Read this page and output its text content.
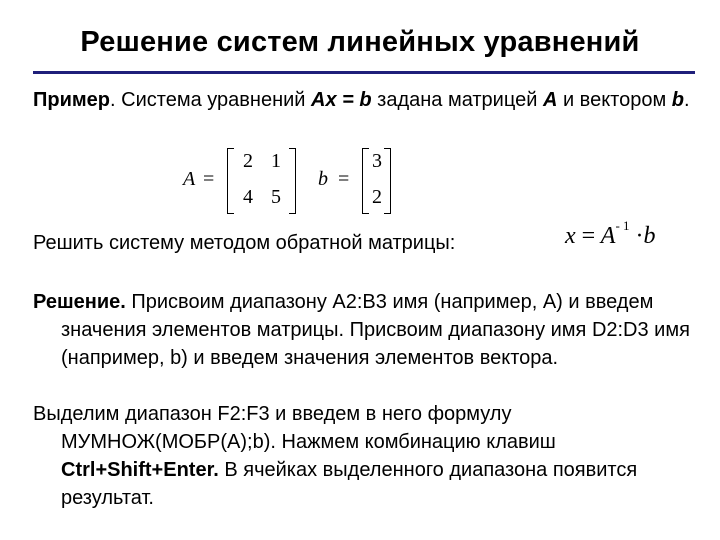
Решение систем линейных уравнений
Пример. Система уравнений Ax = b задана матрицей A и вектором b.
A =
2 1
4 5
b =
3
2
Решить систему методом обратной матрицы:	$x = A^{- 1} \cdot b$
Решение. Присвоим диапазону A2:B3 имя (например, A) и введем значения элементов матрицы. Присвоим диапазону имя D2:D3 имя (например, b) и введем значения элементов вектора.
Выделим диапазон F2:F3 и введем в него формулу МУМНОЖ(МОБР(A);b). Нажмем комбинацию клавиш Ctrl+Shift+Enter. В ячейках выделенного диапазона появится результат.
